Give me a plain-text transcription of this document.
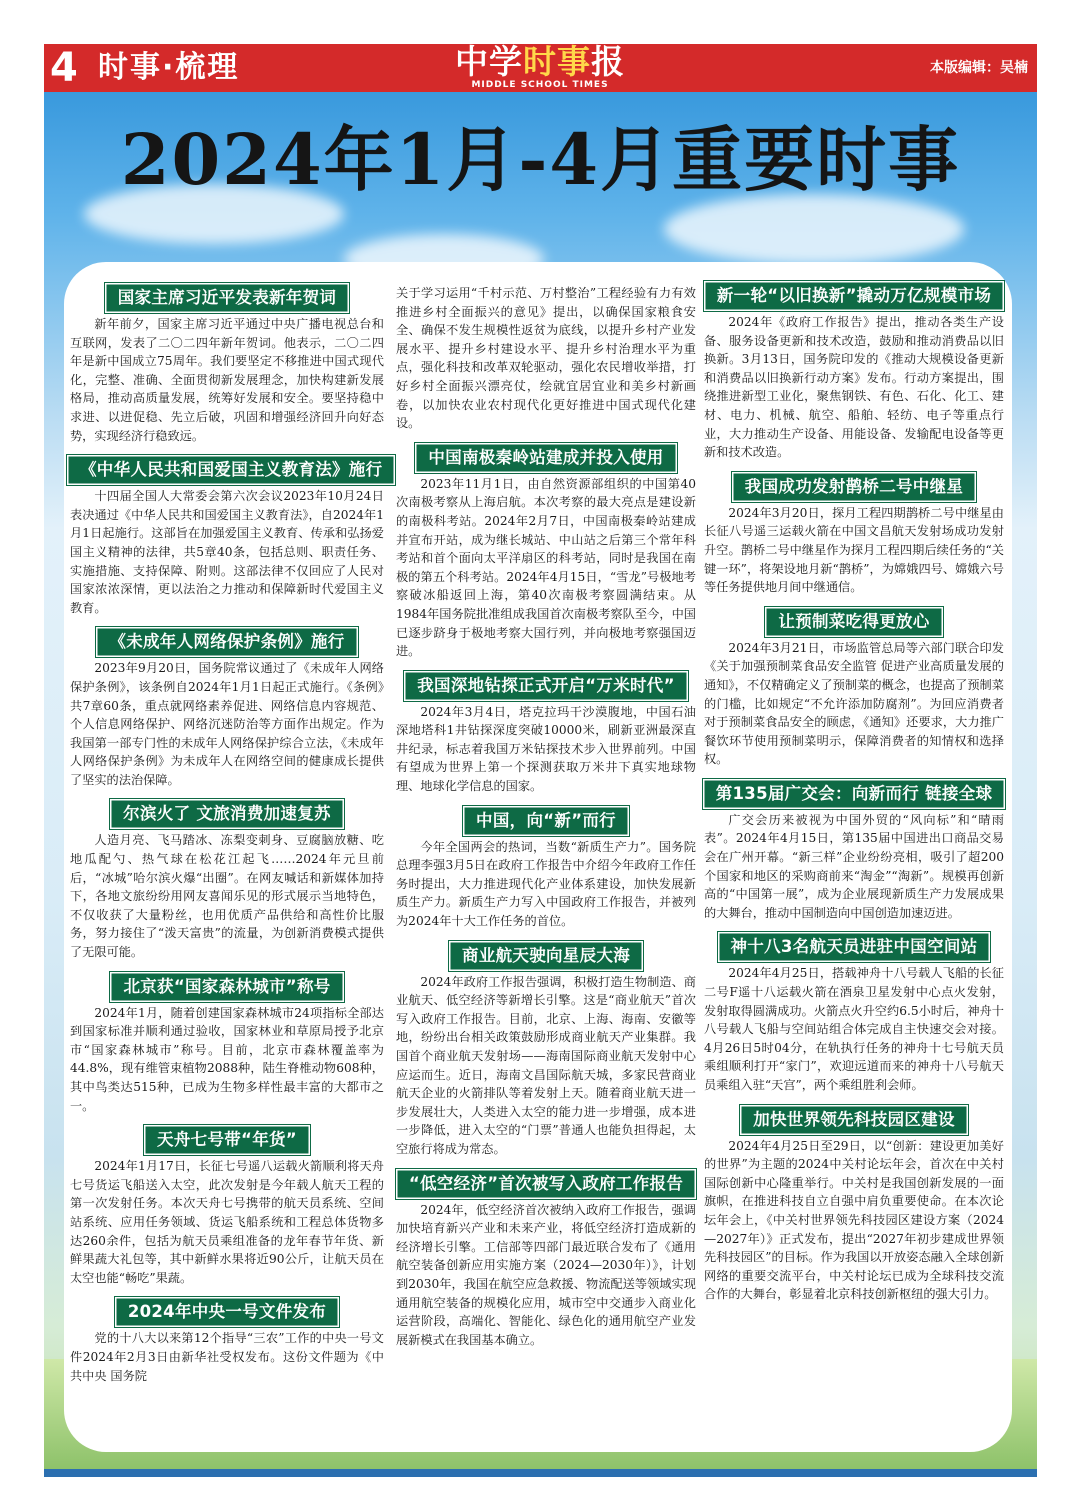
4 时事·梳理	中学时事报
MIDDLE SCHOOL TIMES
本版编辑：吴楠
2024年1月-4月重要时事
国家主席习近平发表新年贺词

新年前夕，国家主席习近平通过中央广播电视总台和互联网，发表了二〇二四年新年贺词。他表示，二〇二四年是新中国成立75周年。我们要坚定不移推进中国式现代化，完整、准确、全面贯彻新发展理念，加快构建新发展格局，推动高质量发展，统筹好发展和安全。要坚持稳中求进、以进促稳、先立后破，巩固和增强经济回升向好态势，实现经济行稳致远。

《中华人民共和国爱国主义教育法》施行

十四届全国人大常委会第六次会议2023年10月24日表决通过《中华人民共和国爱国主义教育法》，自2024年1月1日起施行。这部旨在加强爱国主义教育、传承和弘扬爱国主义精神的法律，共5章40条，包括总则、职责任务、实施措施、支持保障、附则。这部法律不仅回应了人民对国家浓浓深情，更以法治之力推动和保障新时代爱国主义教育。

《未成年人网络保护条例》施行

2023年9月20日，国务院常议通过了《未成年人网络保护条例》，该条例自2024年1月1日起正式施行。《条例》共7章60条，重点就网络素养促进、网络信息内容规范、个人信息网络保护、网络沉迷防治等方面作出规定。作为我国第一部专门性的未成年人网络保护综合立法，《未成年人网络保护条例》为未成年人在网络空间的健康成长提供了坚实的法治保障。

尔滨火了 文旅消费加速复苏

人造月亮、飞马踏冰、冻梨变刺身、豆腐脑放糖、吃地瓜配勺、热气球在松花江起飞……2024年元旦前后，“冰城”哈尔滨火爆“出圈”。在网友喊话和新媒体加持下，各地文旅纷纷用网友喜闻乐见的形式展示当地特色，不仅收获了大量粉丝，也用优质产品供给和高性价比服务，努力接住了“泼天富贵”的流量，为创新消费模式提供了无限可能。

北京获“国家森林城市”称号

2024年1月，随着创建国家森林城市24项指标全部达到国家标准并顺利通过验收，国家林业和草原局授予北京市“国家森林城市”称号。目前，北京市森林覆盖率为44.8%，现有维管束植物2088种，陆生脊椎动物608种，其中鸟类达515种，已成为生物多样性最丰富的大都市之一。

天舟七号带“年货”

2024年1月17日，长征七号遥八运载火箭顺利将天舟七号货运飞船送入太空，此次发射是今年载人航天工程的第一次发射任务。本次天舟七号携带的航天员系统、空间站系统、应用任务领域、货运飞船系统和工程总体货物多达260余件，包括为航天员乘组准备的龙年春节年货、新鲜果蔬大礼包等，其中新鲜水果将近90公斤，让航天员在太空也能“畅吃”果蔬。

2024年中央一号文件发布

党的十八大以来第12个指导“三农”工作的中央一号文件2024年2月3日由新华社受权发布。这份文件题为《中共中央 国务院

关于学习运用“千村示范、万村整治”工程经验有力有效推进乡村全面振兴的意见》提出，以确保国家粮食安全、确保不发生规模性返贫为底线，以提升乡村产业发展水平、提升乡村建设水平、提升乡村治理水平为重点，强化科技和改革双轮驱动，强化农民增收举措，打好乡村全面振兴漂亮仗，绘就宜居宜业和美乡村新画卷，以加快农业农村现代化更好推进中国式现代化建设。

中国南极秦岭站建成并投入使用

2023年11月1日，由自然资源部组织的中国第40次南极考察从上海启航。本次考察的最大亮点是建设新的南极科考站。2024年2月7日，中国南极秦岭站建成并宣布开站，成为继长城站、中山站之后第三个常年科考站和首个面向太平洋扇区的科考站，同时是我国在南极的第五个科考站。2024年4月15日，“雪龙”号极地考察破冰船返回上海，第40次南极考察圆满结束。从1984年国务院批准组成我国首次南极考察队至今，中国已逐步跻身于极地考察大国行列，并向极地考察强国迈进。

我国深地钻探正式开启“万米时代”

2024年3月4日，塔克拉玛干沙漠腹地，中国石油深地塔科1井钻探深度突破10000米，刷新亚洲最深直井纪录，标志着我国万米钻探技术步入世界前列。中国有望成为世界上第一个探测获取万米井下真实地球物理、地球化学信息的国家。

中国，向“新”而行

今年全国两会的热词，当数“新质生产力”。国务院总理李强3月5日在政府工作报告中介绍今年政府工作任务时提出，大力推进现代化产业体系建设，加快发展新质生产力。新质生产力写入中国政府工作报告，并被列为2024年十大工作任务的首位。

商业航天驶向星辰大海

2024年政府工作报告强调，积极打造生物制造、商业航天、低空经济等新增长引擎。这是“商业航天”首次写入政府工作报告。目前，北京、上海、海南、安徽等地，纷纷出台相关政策鼓励形成商业航天产业集群。我国首个商业航天发射场——海南国际商业航天发射中心应运而生。近日，海南文昌国际航天城，多家民营商业航天企业的火箭排队等着发射上天。随着商业航天进一步发展壮大，人类进入太空的能力进一步增强，成本进一步降低，进入太空的“门票”普通人也能负担得起，太空旅行将成为常态。

“低空经济”首次被写入政府工作报告

2024年，低空经济首次被纳入政府工作报告，强调加快培育新兴产业和未来产业，将低空经济打造成新的经济增长引擎。工信部等四部门最近联合发布了《通用航空装备创新应用实施方案（2024—2030年）》，计划到2030年，我国在航空应急救援、物流配送等领域实现通用航空装备的规模化应用，城市空中交通步入商业化运营阶段，高端化、智能化、绿色化的通用航空产业发展新模式在我国基本确立。

新一轮“以旧换新”撬动万亿规模市场

2024年《政府工作报告》提出，推动各类生产设备、服务设备更新和技术改造，鼓励和推动消费品以旧换新。3月13日，国务院印发的《推动大规模设备更新和消费品以旧换新行动方案》发布。行动方案提出，围绕推进新型工业化，聚焦钢铁、有色、石化、化工、建材、电力、机械、航空、船舶、轻纺、电子等重点行业，大力推动生产设备、用能设备、发输配电设备等更新和技术改造。

我国成功发射鹊桥二号中继星

2024年3月20日，探月工程四期鹊桥二号中继星由长征八号遥三运载火箭在中国文昌航天发射场成功发射升空。鹊桥二号中继星作为探月工程四期后续任务的“关键一环”，将架设地月新“鹊桥”，为嫦娥四号、嫦娥六号等任务提供地月间中继通信。

让预制菜吃得更放心

2024年3月21日，市场监管总局等六部门联合印发《关于加强预制菜食品安全监管 促进产业高质量发展的通知》，不仅精确定义了预制菜的概念，也提高了预制菜的门槛，比如规定“不允许添加防腐剂”。为回应消费者对于预制菜食品安全的顾虑，《通知》还要求，大力推广餐饮环节使用预制菜明示，保障消费者的知情权和选择权。

第135届广交会：向新而行 链接全球

广交会历来被视为中国外贸的“风向标”和“晴雨表”。2024年4月15日，第135届中国进出口商品交易会在广州开幕。“新三样”企业纷纷亮相，吸引了超200个国家和地区的采购商前来“淘金”“淘新”。规模再创新高的“中国第一展”，成为企业展现新质生产力发展成果的大舞台，推动中国制造向中国创造加速迈进。

神十八3名航天员进驻中国空间站

2024年4月25日，搭载神舟十八号载人飞船的长征二号F遥十八运载火箭在酒泉卫星发射中心点火发射，发射取得圆满成功。火箭点火升空约6.5小时后，神舟十八号载人飞船与空间站组合体完成自主快速交会对接。4月26日5时04分，在轨执行任务的神舟十七号航天员乘组顺利打开“家门”，欢迎远道而来的神舟十八号航天员乘组入驻“天宫”，两个乘组胜利会师。

加快世界领先科技园区建设

2024年4月25日至29日，以“创新：建设更加美好的世界”为主题的2024中关村论坛年会，首次在中关村国际创新中心隆重举行。中关村是我国创新发展的一面旗帜，在推进科技自立自强中肩负重要使命。在本次论坛年会上，《中关村世界领先科技园区建设方案（2024—2027年）》正式发布，提出“2027年初步建成世界领先科技园区”的目标。作为我国以开放姿态融入全球创新网络的重要交流平台，中关村论坛已成为全球科技交流合作的大舞台，彰显着北京科技创新枢纽的强大引力。
